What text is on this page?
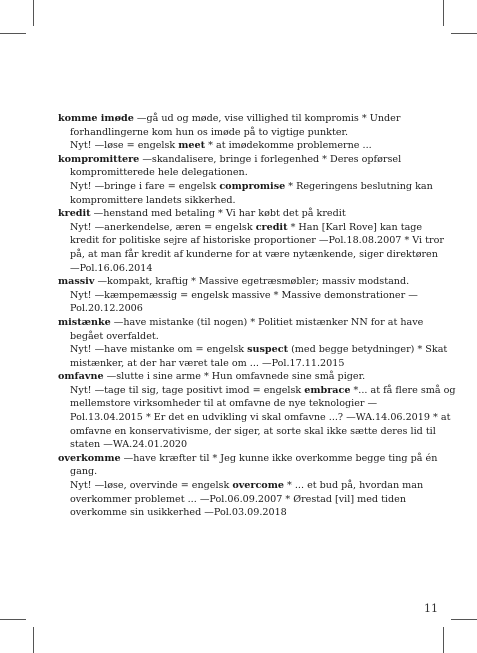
komme imøde —gå ud og møde, vise villighed til kompromis * Under
forhandlingerne kom hun os imøde på to vigtige punkter.
Nyt! —løse = engelsk meet * at imødekomme problemerne ...
kompromittere —skandalisere, bringe i forlegenhed * Deres opførsel
kompromitterede hele delegationen.
Nyt! —bringe i fare = engelsk compromise * Regeringens beslutning kan
kompromittere landets sikkerhed.
kredit —henstand med betaling * Vi har købt det på kredit
Nyt! —anerkendelse, æren = engelsk credit * Han [Karl Rove] kan tage
kredit for politiske sejre af historiske proportioner —Pol.18.08.2007 * Vi tror
på, at man får kredit af kunderne for at være nytænkende, siger direktøren
—Pol.16.06.2014
massiv —kompakt, kraftig * Massive egetræsmøbler; massiv modstand.
Nyt! —kæmpemæssig = engelsk massive * Massive demonstrationer —
Pol.20.12.2006
mistænke —have mistanke (til nogen) * Politiet mistænker NN for at have
begået overfaldet.
Nyt! —have mistanke om = engelsk suspect (med begge betydninger) * Skat
mistænker, at der har været tale om ... —Pol.17.11.2015
omfavne —slutte i sine arme * Hun omfavnede sine små piger.
Nyt! —tage til sig, tage positivt imod = engelsk embrace *... at få flere små og
mellemstore virksomheder til at omfavne de nye teknologier —
Pol.13.04.2015 * Er det en udvikling vi skal omfavne ...? —WA.14.06.2019 * at
omfavne en konservativisme, der siger, at sorte skal ikke sætte deres lid til
staten —WA.24.01.2020
overkomme —have kræfter til * Jeg kunne ikke overkomme begge ting på én
gang.
Nyt! —løse, overvinde = engelsk overcome * ... et bud på, hvordan man
overkommer problemet ... —Pol.06.09.2007 * Ørestad [vil] med tiden
overkomme sin usikkerhed —Pol.03.09.2018
11
